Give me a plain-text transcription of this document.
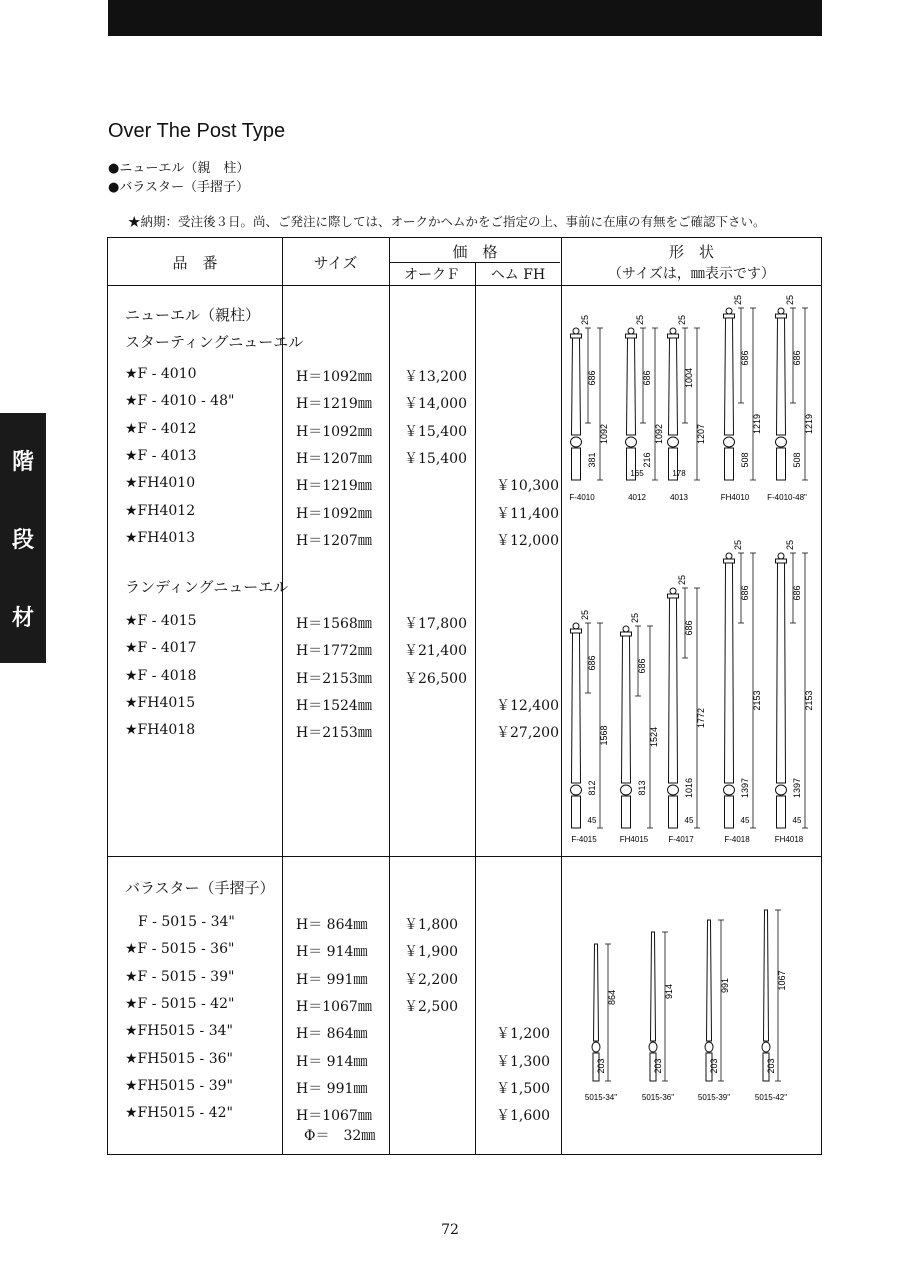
Over The Post Type
●ニューエル（親　柱）
●バラスター（手摺子）
★納期：受注後３日。尚、ご発注に際しては、オークかヘムかをご指定の上、事前に在庫の有無をご確認下さい。
階
段
材
品　番	サイズ
価　格
オークＦ	ヘム FH
形　状
（サイズは，㎜表示です）
ニューエル（親柱）
スターティングニューエル
ランディングニューエル
バラスター（手摺子）
★F - 4010	H＝1092㎜ ￥13,200
★F - 4010 - 48"	H＝1219㎜ ￥14,000
★F - 4012	H＝1092㎜ ￥15,400
★F - 4013	H＝1207㎜ ￥15,400
★FH4010	H＝1219㎜	￥10,300
★FH4012	H＝1092㎜	￥11,400
★FH4013	H＝1207㎜	￥12,000
★F - 4015	H＝1568㎜ ￥17,800
★F - 4017	H＝1772㎜ ￥21,400
★F - 4018	H＝2153㎜ ￥26,500
★FH4015	H＝1524㎜	￥12,400
★FH4018	H＝2153㎜	￥27,200
F - 5015 - 34"	H＝ 864㎜	￥1,800
★F - 5015 - 36"	H＝ 914㎜	￥1,900
★F - 5015 - 39"	H＝ 991㎜	￥2,200
★F - 5015 - 42"	H＝1067㎜ ￥2,500
★FH5015 - 34"	H＝ 864㎜	￥1,200
★FH5015 - 36"	H＝ 914㎜	￥1,300
★FH5015 - 39"	H＝ 991㎜	￥1,500
★FH5015 - 42"	H＝1067㎜	￥1,600
Φ＝　32㎜
686
25
1092
381
F-4010
686
25
1092
216
165
4012
1004
25
1207
178
4013
686
25
1219
508
FH4010
686
25
1219
508
F-4010-48"
686
25
1568
812
45
F-4015
686
25
1524
813
FH4015
686
25
1772
1016
45
F-4017
686
25
2153
1397
45
F-4018
686
25
2153
1397
45
FH4018
864
203
5015-34"
914
203
5015-36"
991
203
5015-39"
1067
203
5015-42"
72
